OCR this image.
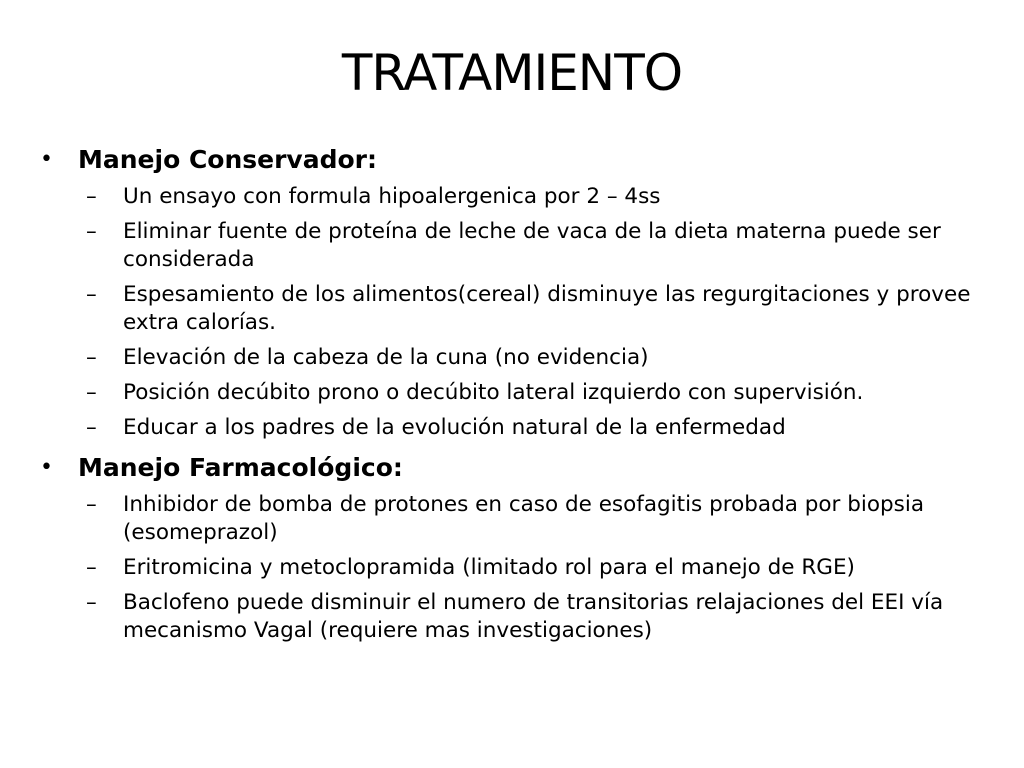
TRATAMIENTO

• Manejo Conservador:

– Un ensayo con formula hipoalergenica por 2 – 4ss

– Eliminar fuente de proteína de leche de vaca de la dieta materna puede ser considerada

– Espesamiento de los alimentos(cereal) disminuye las regurgitaciones y provee extra calorías.

– Elevación de la cabeza de la cuna (no evidencia)

– Posición decúbito prono o decúbito lateral izquierdo con supervisión.

– Educar a los padres de la evolución natural de la enfermedad

• Manejo Farmacológico:

– Inhibidor de bomba de protones en caso de esofagitis probada por biopsia (esomeprazol)

– Eritromicina y metoclopramida (limitado rol para el manejo de RGE)

– Baclofeno puede disminuir el numero de transitorias relajaciones del EEI vía mecanismo Vagal (requiere mas investigaciones)
